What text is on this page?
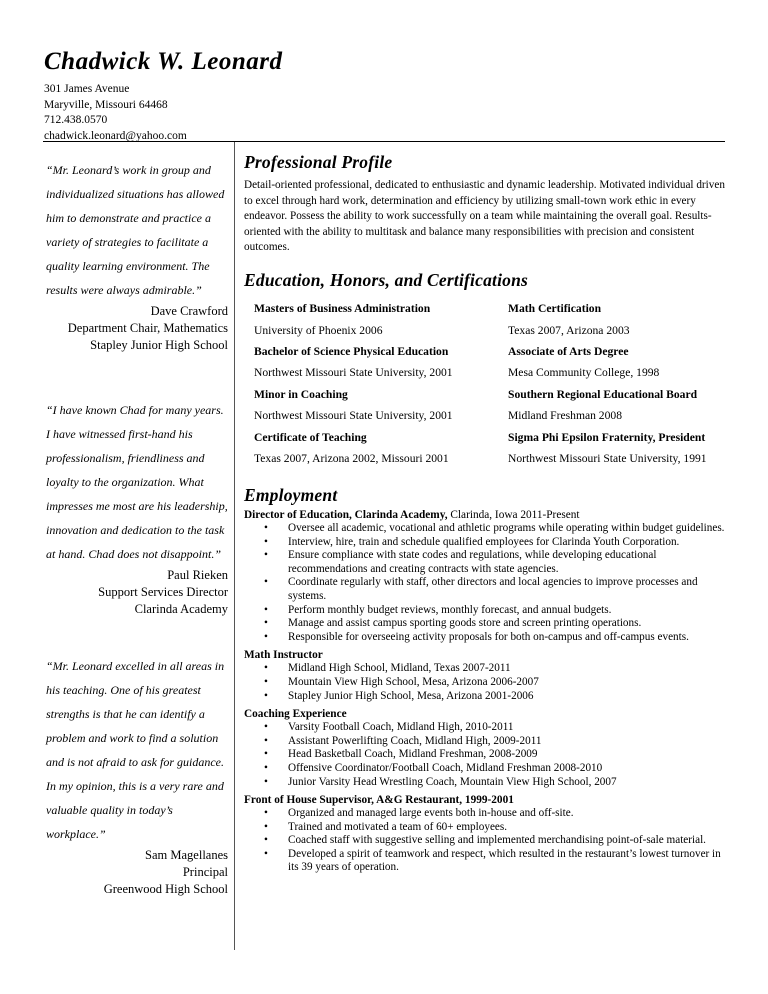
Chadwick W. Leonard
301 James Avenue
Maryville, Missouri 64468
712.438.0570
chadwick.leonard@yahoo.com

“Mr. Leonard’s work in group and individualized situations has allowed him to demonstrate and practice a variety of strategies to facilitate a quality learning environment. The results were always admirable.”

Dave Crawford
Department Chair, Mathematics
Stapley Junior High School

“I have known Chad for many years. I have witnessed first-hand his professionalism, friendliness and loyalty to the organization. What impresses me most are his leadership, innovation and dedication to the task at hand. Chad does not disappoint.”

Paul Rieken
Support Services Director
Clarinda Academy

“Mr. Leonard excelled in all areas in his teaching. One of his greatest strengths is that he can identify a problem and work to find a solution and is not afraid to ask for guidance. In my opinion, this is a very rare and valuable quality in today’s workplace.”

Sam Magellanes
Principal
Greenwood High School
Professional Profile

Detail-oriented professional, dedicated to enthusiastic and dynamic leadership. Motivated individual driven to excel through hard work, determination and efficiency by utilizing small-town work ethic in every endeavor. Possess the ability to work successfully on a team while maintaining the overall goal. Results-oriented with the ability to multitask and balance many responsibilities with precision and consistent outcomes.

Education, Honors, and Certifications
Masters of Business Administration	Math Certification
University of Phoenix 2006	Texas 2007, Arizona 2003
Bachelor of Science Physical Education	Associate of Arts Degree
Northwest Missouri State University, 2001	Mesa Community College, 1998
Minor in Coaching	Southern Regional Educational Board
Northwest Missouri State University, 2001	Midland Freshman 2008
Certificate of Teaching	Sigma Phi Epsilon Fraternity, President
Texas 2007, Arizona 2002, Missouri 2001	Northwest Missouri State University, 1991
Employment
Director of Education, Clarinda Academy, Clarinda, Iowa 2011-Present
• Oversee all academic, vocational and athletic programs while operating within budget guidelines.
• Interview, hire, train and schedule qualified employees for Clarinda Youth Corporation.
• Ensure compliance with state codes and regulations, while developing educational recommendations and creating contracts with state agencies.
• Coordinate regularly with staff, other directors and local agencies to improve processes and systems.
• Perform monthly budget reviews, monthly forecast, and annual budgets.
• Manage and assist campus sporting goods store and screen printing operations.
• Responsible for overseeing activity proposals for both on-campus and off-campus events.
Math Instructor
• Midland High School, Midland, Texas 2007-2011
• Mountain View High School, Mesa, Arizona 2006-2007
• Stapley Junior High School, Mesa, Arizona 2001-2006
Coaching Experience
• Varsity Football Coach, Midland High, 2010-2011
• Assistant Powerlifting Coach, Midland High, 2009-2011
• Head Basketball Coach, Midland Freshman, 2008-2009
• Offensive Coordinator/Football Coach, Midland Freshman 2008-2010
• Junior Varsity Head Wrestling Coach, Mountain View High School, 2007
Front of House Supervisor, A&G Restaurant, 1999-2001
• Organized and managed large events both in-house and off-site.
• Trained and motivated a team of 60+ employees.
• Coached staff with suggestive selling and implemented merchandising point-of-sale material.
• Developed a spirit of teamwork and respect, which resulted in the restaurant’s lowest turnover in its 39 years of operation.
